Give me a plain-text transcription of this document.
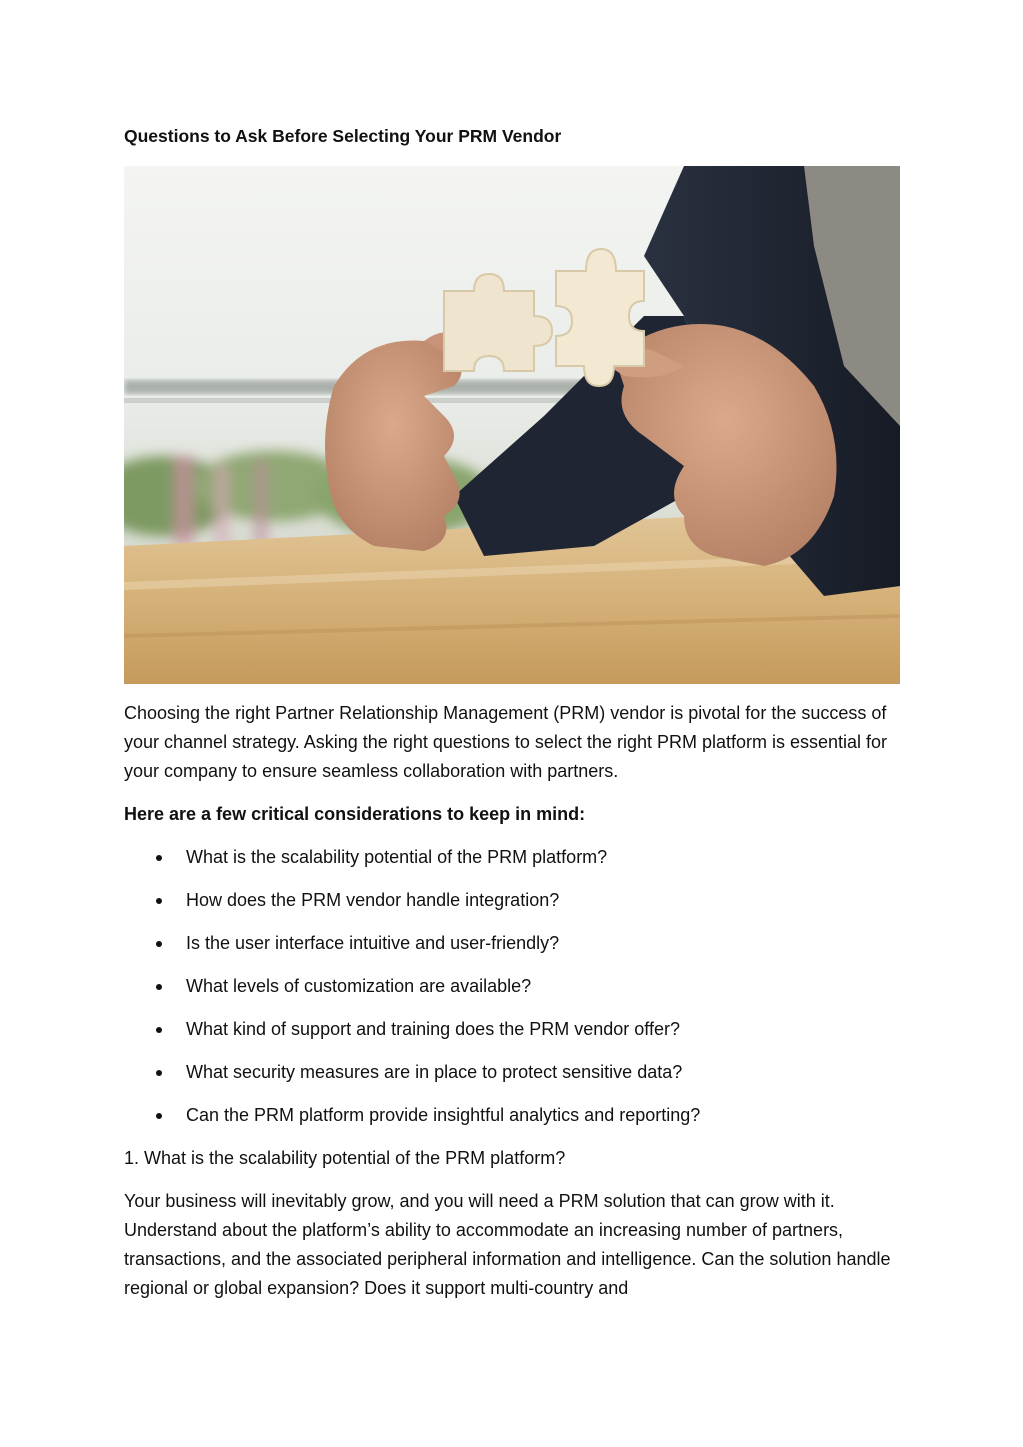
Questions to Ask Before Selecting Your PRM Vendor
Choosing the right Partner Relationship Management (PRM) vendor is pivotal for the success of your channel strategy. Asking the right questions to select the right PRM platform is essential for your company to ensure seamless collaboration with partners.
Here are a few critical considerations to keep in mind:
What is the scalability potential of the PRM platform?
How does the PRM vendor handle integration?
Is the user interface intuitive and user-friendly?
What levels of customization are available?
What kind of support and training does the PRM vendor offer?
What security measures are in place to protect sensitive data?
Can the PRM platform provide insightful analytics and reporting?
1. What is the scalability potential of the PRM platform?
Your business will inevitably grow, and you will need a PRM solution that can grow with it. Understand about the platform’s ability to accommodate an increasing number of partners, transactions, and the associated peripheral information and intelligence. Can the solution handle regional or global expansion? Does it support multi-country and
